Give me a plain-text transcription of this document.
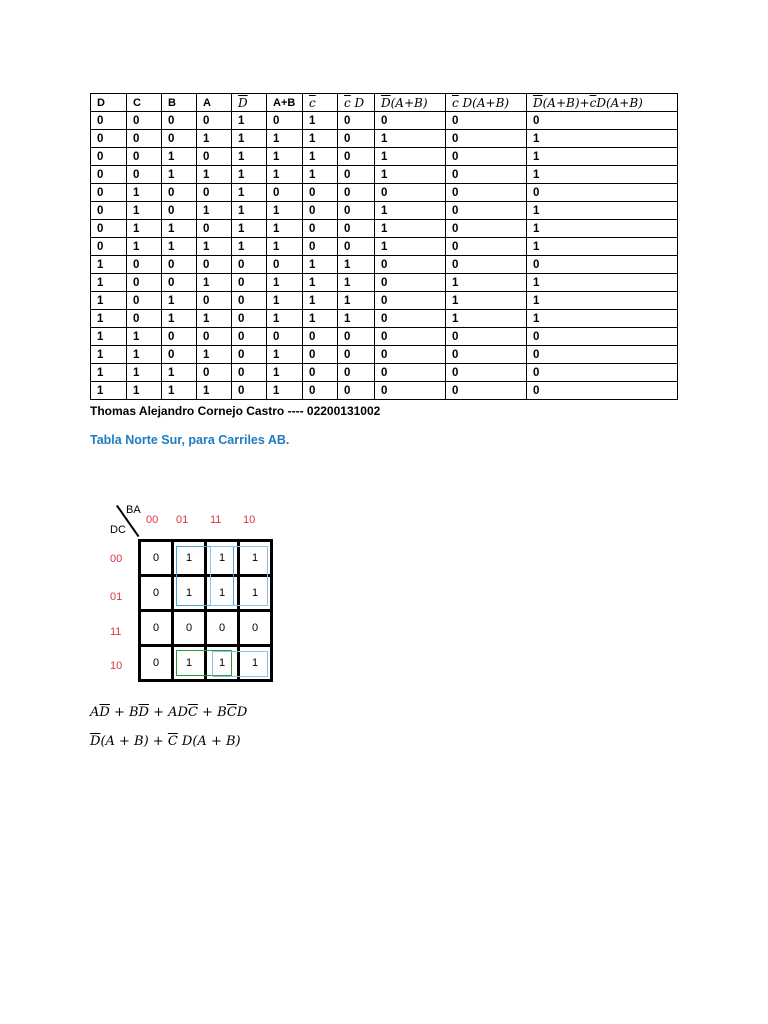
D	C	B	A	$\overline{D}$	A+B	$\overline{c}$	$\overline{c}$ D	$\overline{D}(A+B)$	$\overline{c}$ D(A+B)	$\overline{D}(A+B)+\overline{c}D(A+B)$
0	0	0	0	1	0	1	0	0	0	0
0	0	0	1	1	1	1	0	1	0	1
0	0	1	0	1	1	1	0	1	0	1
0	0	1	1	1	1	1	0	1	0	1
0	1	0	0	1	0	0	0	0	0	0
0	1	0	1	1	1	0	0	1	0	1
0	1	1	0	1	1	0	0	1	0	1
0	1	1	1	1	1	0	0	1	0	1
1	0	0	0	0	0	1	1	0	0	0
1	0	0	1	0	1	1	1	0	1	1
1	0	1	0	0	1	1	1	0	1	1
1	0	1	1	0	1	1	1	0	1	1
1	1	0	0	0	0	0	0	0	0	0
1	1	0	1	0	1	0	0	0	0	0
1	1	1	0	0	1	0	0	0	0	0
1	1	1	1	0	1	0	0	0	0	0
Thomas Alejandro Cornejo Castro ---- 02200131002
Tabla Norte Sur, para Carriles AB.
BA
DC
00 01 11 10
00
01
11
10
0	1	1	1
0	1	1	1
0	0	0	0
0	1	1	1
$A\overline{D} + B\overline{D} + AD\overline{C} + B\overline{C}D$
$\overline{D}(A + B) + \overline{C}$ D(A + B)
